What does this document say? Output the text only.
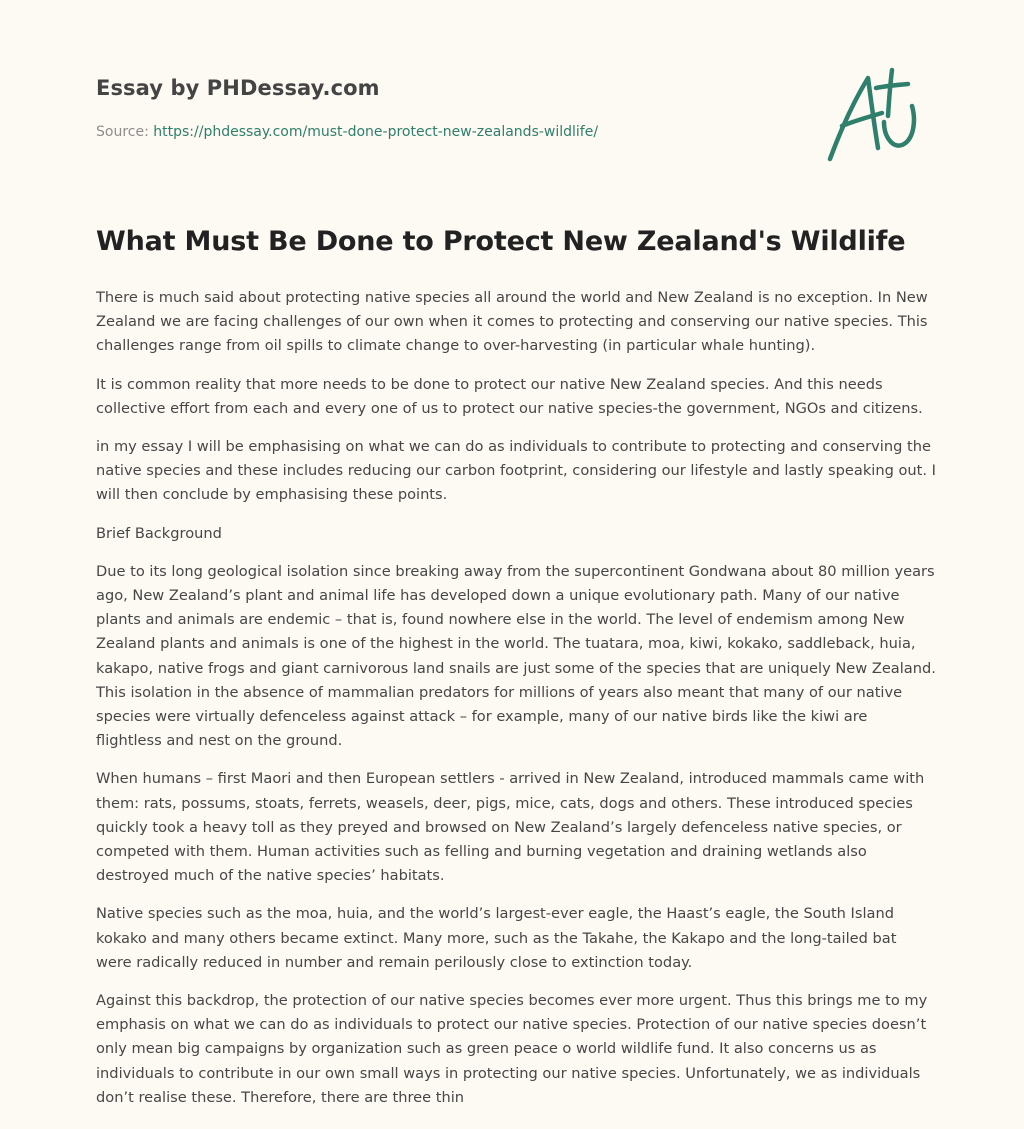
Essay by PHDessay.com
Source: https://phdessay.com/must-done-protect-new-zealands-wildlife/
What Must Be Done to Protect New Zealand's Wildlife

There is much said about protecting native species all around the world and New Zealand is no exception. In New Zealand we are facing challenges of our own when it comes to protecting and conserving our native species. This challenges range from oil spills to climate change to over-harvesting (in particular whale hunting).

It is common reality that more needs to be done to protect our native New Zealand species. And this needs collective effort from each and every one of us to protect our native species-the government, NGOs and citizens.

in my essay I will be emphasising on what we can do as individuals to contribute to protecting and conserving the native species and these includes reducing our carbon footprint, considering our lifestyle and lastly speaking out. I will then conclude by emphasising these points.

Brief Background

Due to its long geological isolation since breaking away from the supercontinent Gondwana about 80 million years ago, New Zealand’s plant and animal life has developed down a unique evolutionary path. Many of our native plants and animals are endemic – that is, found nowhere else in the world. The level of endemism among New Zealand plants and animals is one of the highest in the world. The tuatara, moa, kiwi, kokako, saddleback, huia, kakapo, native frogs and giant carnivorous land snails are just some of the species that are uniquely New Zealand. This isolation in the absence of mammalian predators for millions of years also meant that many of our native species were virtually defenceless against attack – for example, many of our native birds like the kiwi are flightless and nest on the ground.

When humans – first Maori and then European settlers - arrived in New Zealand, introduced mammals came with them: rats, possums, stoats, ferrets, weasels, deer, pigs, mice, cats, dogs and others. These introduced species quickly took a heavy toll as they preyed and browsed on New Zealand’s largely defenceless native species, or competed with them. Human activities such as felling and burning vegetation and draining wetlands also destroyed much of the native species’ habitats.

Native species such as the moa, huia, and the world’s largest-ever eagle, the Haast’s eagle, the South Island kokako and many others became extinct. Many more, such as the Takahe, the Kakapo and the long-tailed bat were radically reduced in number and remain perilously close to extinction today.

Against this backdrop, the protection of our native species becomes ever more urgent. Thus this brings me to my emphasis on what we can do as individuals to protect our native species. Protection of our native species doesn’t only mean big campaigns by organization such as green peace o world wildlife fund. It also concerns us as individuals to contribute in our own small ways in protecting our native species. Unfortunately, we as individuals don’t realise these. Therefore, there are three thin
